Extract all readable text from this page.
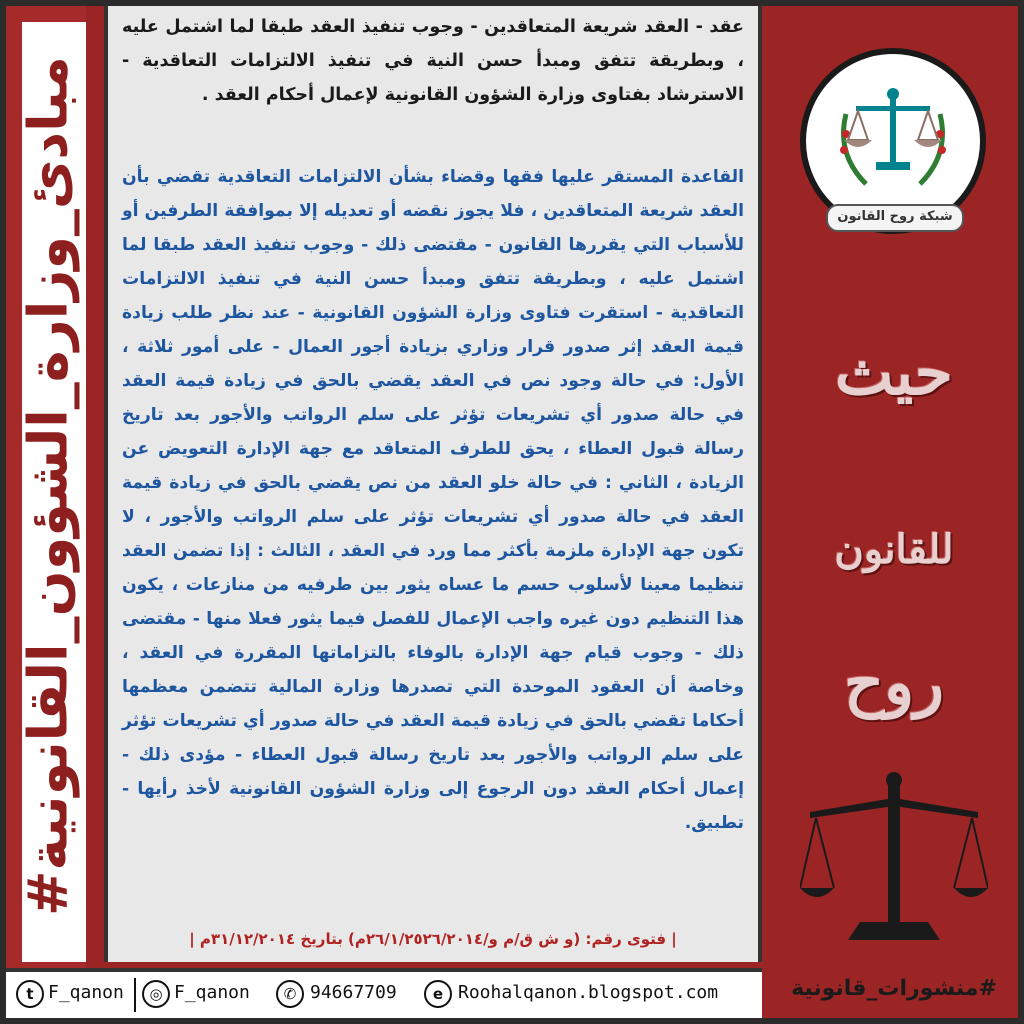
#مبادئ_وزارة_الشؤون_القانونية
عقد - العقد شريعة المتعاقدين - وجوب تنفيذ العقد طبقا لما اشتمل عليه ، وبطريقة تتفق ومبدأ حسن النية في تنفيذ الالتزامات التعاقدية - الاسترشاد بفتاوى وزارة الشؤون القانونية لإعمال أحكام العقد .
القاعدة المستقر عليها فقها وقضاء بشأن الالتزامات التعاقدية تقضي بأن العقد شريعة المتعاقدين ، فلا يجوز نقضه أو تعديله إلا بموافقة الطرفين أو للأسباب التي يقررها القانون - مقتضى ذلك - وجوب تنفيذ العقد طبقا لما اشتمل عليه ، وبطريقة تتفق ومبدأ حسن النية في تنفيذ الالتزامات التعاقدية - استقرت فتاوى وزارة الشؤون القانونية - عند نظر طلب زيادة قيمة العقد إثر صدور قرار وزاري بزيادة أجور العمال - على أمور ثلاثة ، الأول: في حالة وجود نص في العقد يقضي بالحق في زيادة قيمة العقد في حالة صدور أي تشريعات تؤثر على سلم الرواتب والأجور بعد تاريخ رسالة قبول العطاء ، يحق للطرف المتعاقد مع جهة الإدارة التعويض عن الزيادة ، الثاني : في حالة خلو العقد من نص يقضي بالحق في زيادة قيمة العقد في حالة صدور أي تشريعات تؤثر على سلم الرواتب والأجور ، لا تكون جهة الإدارة ملزمة بأكثر مما ورد في العقد ، الثالث : إذا تضمن العقد تنظيما معينا لأسلوب حسم ما عساه يثور بين طرفيه من منازعات ، يكون هذا التنظيم دون غيره واجب الإعمال للفصل فيما يثور فعلا منها - مقتضى ذلك - وجوب قيام جهة الإدارة بالوفاء بالتزاماتها المقررة في العقد ، وخاصة أن العقود الموحدة التي تصدرها وزارة المالية تتضمن معظمها أحكاما تقضي بالحق في زيادة قيمة العقد في حالة صدور أي تشريعات تؤثر على سلم الرواتب والأجور بعد تاريخ رسالة قبول العطاء - مؤدى ذلك - إعمال أحكام العقد دون الرجوع إلى وزارة الشؤون القانونية لأخذ رأيها - تطبيق.
| فتوى رقم: (و ش ق/م و/٢٦/١/٢٥٢٦/٢٠١٤م) بتاريخ ٣١/١٢/٢٠١٤م |
شبكة روح القانون
حيث
للقانون
روح
#منشورات_قانونية
t F_qanon	◎ F_qanon	✆ 94667709	e Roohalqanon.blogspot.com
